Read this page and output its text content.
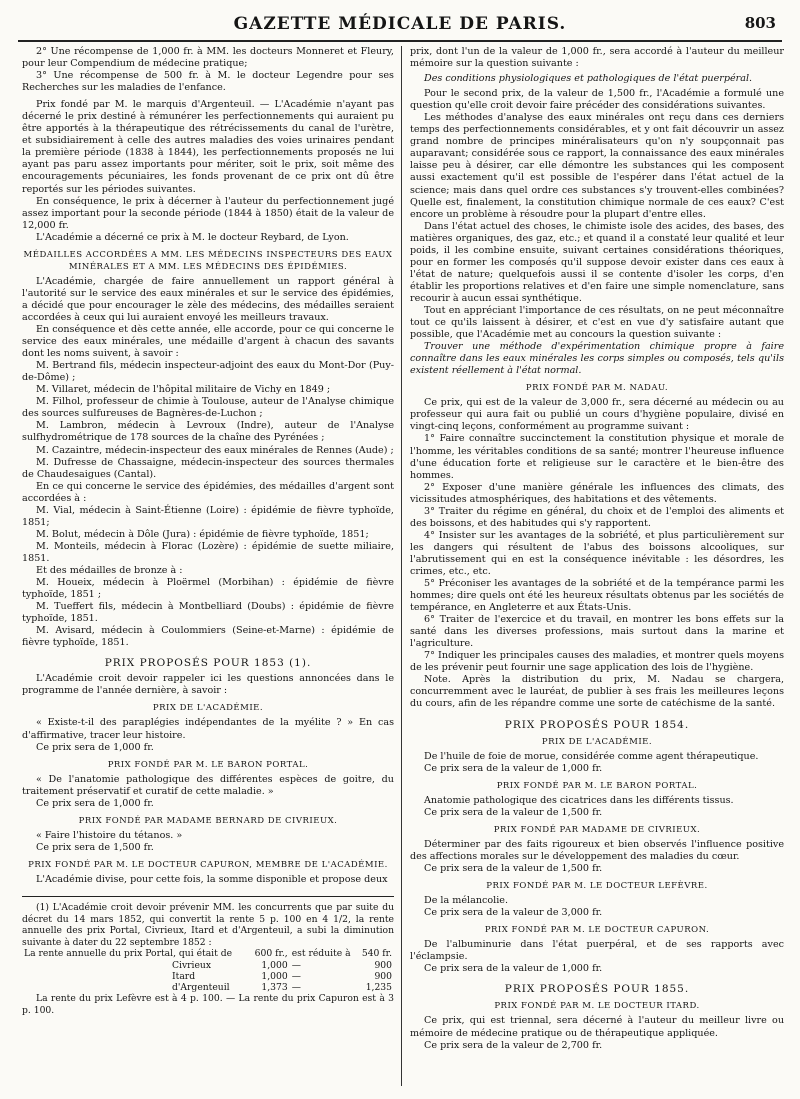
GAZETTE MÉDICALE DE PARIS.	803

2° Une récompense de 1,000 fr. à MM. les docteurs Monneret et Fleury, pour leur Compendium de médecine pratique;

3° Une récompense de 500 fr. à M. le docteur Legendre pour ses Recherches sur les maladies de l'enfance.

Prix fondé par M. le marquis d'Argenteuil. — L'Académie n'ayant pas décerné le prix destiné à rémunérer les perfectionnements qui auraient pu être apportés à la thérapeutique des rétrécissements du canal de l'urètre, et subsidiairement à celle des autres maladies des voies urinaires pendant la première période (1838 à 1844), les perfectionnements proposés ne lui ayant pas paru assez importants pour mériter, soit le prix, soit même des encouragements pécuniaires, les fonds provenant de ce prix ont dû être reportés sur les périodes suivantes.

En conséquence, le prix à décerner à l'auteur du perfectionnement jugé assez important pour la seconde période (1844 à 1850) était de la valeur de 12,000 fr.

L'Académie a décerné ce prix à M. le docteur Reybard, de Lyon.

MÉDAILLES ACCORDÉES A MM. LES MÉDECINS INSPECTEURS DES EAUX MINÉRALES ET A MM. LES MÉDECINS DES ÉPIDÉMIES.

L'Académie, chargée de faire annuellement un rapport général à l'autorité sur le service des eaux minérales et sur le service des épidémies, a décidé que pour encourager le zèle des médecins, des médailles seraient accordées à ceux qui lui auraient envoyé les meilleurs travaux.

En conséquence et dès cette année, elle accorde, pour ce qui concerne le service des eaux minérales, une médaille d'argent à chacun des savants dont les noms suivent, à savoir :

M. Bertrand fils, médecin inspecteur-adjoint des eaux du Mont-Dor (Puy-de-Dôme) ;

M. Villaret, médecin de l'hôpital militaire de Vichy en 1849 ;

M. Filhol, professeur de chimie à Toulouse, auteur de l'Analyse chimique des sources sulfureuses de Bagnères-de-Luchon ;

M. Lambron, médecin à Levroux (Indre), auteur de l'Analyse sulfhydrométrique de 178 sources de la chaîne des Pyrénées ;

M. Cazaintre, médecin-inspecteur des eaux minérales de Rennes (Aude) ;

M. Dufresse de Chassaigne, médecin-inspecteur des sources thermales de Chaudesaigues (Cantal).

En ce qui concerne le service des épidémies, des médailles d'argent sont accordées à :

M. Vial, médecin à Saint-Étienne (Loire) : épidémie de fièvre typhoïde, 1851;

M. Bolut, médecin à Dôle (Jura) : épidémie de fièvre typhoïde, 1851;

M. Monteils, médecin à Florac (Lozère) : épidémie de suette miliaire, 1851.

Et des médailles de bronze à :

M. Houeix, médecin à Ploërmel (Morbihan) : épidémie de fièvre typhoïde, 1851 ;

M. Tueffert fils, médecin à Montbelliard (Doubs) : épidémie de fièvre typhoïde, 1851.

M. Avisard, médecin à Coulommiers (Seine-et-Marne) : épidémie de fièvre typhoïde, 1851.

PRIX PROPOSÉS POUR 1853 (1).

L'Académie croit devoir rappeler ici les questions annoncées dans le programme de l'année dernière, à savoir :

PRIX DE L'ACADÉMIE.

« Existe-t-il des paraplégies indépendantes de la myélite ? » En cas d'affirmative, tracer leur histoire.

Ce prix sera de 1,000 fr.

PRIX FONDÉ PAR M. LE BARON PORTAL.

« De l'anatomie pathologique des différentes espèces de goitre, du traitement préservatif et curatif de cette maladie. »

Ce prix sera de 1,000 fr.

PRIX FONDÉ PAR MADAME BERNARD DE CIVRIEUX.

« Faire l'histoire du tétanos. »

Ce prix sera de 1,500 fr.

PRIX FONDÉ PAR M. LE DOCTEUR CAPURON, MEMBRE DE L'ACADÉMIE.

L'Académie divise, pour cette fois, la somme disponible et propose deux

(1) L'Académie croit devoir prévenir MM. les concurrents que par suite du décret du 14 mars 1852, qui convertit la rente 5 p. 100 en 4 1/2, la rente annuelle des prix Portal, Civrieux, Itard et d'Argenteuil, a subi la diminution suivante à dater du 22 septembre 1852 :

La rente annuelle du prix Portal, qui était de	600 fr.,	est réduite à	540 fr.
Civrieux	1,000	—	900
Itard	1,000	—	900
d'Argenteuil	1,373	—	1,235

La rente du prix Lefèvre est à 4 p. 100. — La rente du prix Capuron est à 3 p. 100.

prix, dont l'un de la valeur de 1,000 fr., sera accordé à l'auteur du meilleur mémoire sur la question suivante :

Des conditions physiologiques et pathologiques de l'état puerpéral.

Pour le second prix, de la valeur de 1,500 fr., l'Académie a formulé une question qu'elle croit devoir faire précéder des considérations suivantes.

Les méthodes d'analyse des eaux minérales ont reçu dans ces derniers temps des perfectionnements considérables, et y ont fait découvrir un assez grand nombre de principes minéralisateurs qu'on n'y soupçonnait pas auparavant; considérée sous ce rapport, la connaissance des eaux minérales laisse peu à désirer, car elle démontre les substances qui les composent aussi exactement qu'il est possible de l'espérer dans l'état actuel de la science; mais dans quel ordre ces substances s'y trouvent-elles combinées? Quelle est, finalement, la constitution chimique normale de ces eaux? C'est encore un problème à résoudre pour la plupart d'entre elles.

Dans l'état actuel des choses, le chimiste isole des acides, des bases, des matières organiques, des gaz, etc.; et quand il a constaté leur qualité et leur poids, il les combine ensuite, suivant certaines considérations théoriques, pour en former les composés qu'il suppose devoir exister dans ces eaux à l'état de nature; quelquefois aussi il se contente d'isoler les corps, d'en établir les proportions relatives et d'en faire une simple nomenclature, sans recourir à aucun essai synthétique.

Tout en appréciant l'importance de ces résultats, on ne peut méconnaître tout ce qu'ils laissent à désirer, et c'est en vue d'y satisfaire autant que possible, que l'Académie met au concours la question suivante :

Trouver une méthode d'expérimentation chimique propre à faire connaître dans les eaux minérales les corps simples ou composés, tels qu'ils existent réellement à l'état normal.

PRIX FONDÉ PAR M. NADAU.

Ce prix, qui est de la valeur de 3,000 fr., sera décerné au médecin ou au professeur qui aura fait ou publié un cours d'hygiène populaire, divisé en vingt-cinq leçons, conformément au programme suivant :

1° Faire connaître succinctement la constitution physique et morale de l'homme, les véritables conditions de sa santé; montrer l'heureuse influence d'une éducation forte et religieuse sur le caractère et le bien-être des hommes.

2° Exposer d'une manière générale les influences des climats, des vicissitudes atmosphériques, des habitations et des vêtements.

3° Traiter du régime en général, du choix et de l'emploi des aliments et des boissons, et des habitudes qui s'y rapportent.

4° Insister sur les avantages de la sobriété, et plus particulièrement sur les dangers qui résultent de l'abus des boissons alcooliques, sur l'abrutissement qui en est la conséquence inévitable : les désordres, les crimes, etc., etc.

5° Préconiser les avantages de la sobriété et de la tempérance parmi les hommes; dire quels ont été les heureux résultats obtenus par les sociétés de tempérance, en Angleterre et aux États-Unis.

6° Traiter de l'exercice et du travail, en montrer les bons effets sur la santé dans les diverses professions, mais surtout dans la marine et l'agriculture.

7° Indiquer les principales causes des maladies, et montrer quels moyens de les prévenir peut fournir une sage application des lois de l'hygiène.

Note. Après la distribution du prix, M. Nadau se chargera, concurremment avec le lauréat, de publier à ses frais les meilleures leçons du cours, afin de les répandre comme une sorte de catéchisme de la santé.

PRIX PROPOSÉS POUR 1854.
PRIX DE L'ACADÉMIE.

De l'huile de foie de morue, considérée comme agent thérapeutique.

Ce prix sera de la valeur de 1,000 fr.

PRIX FONDÉ PAR M. LE BARON PORTAL.

Anatomie pathologique des cicatrices dans les différents tissus.

Ce prix sera de la valeur de 1,500 fr.

PRIX FONDÉ PAR MADAME DE CIVRIEUX.

Déterminer par des faits rigoureux et bien observés l'influence positive des affections morales sur le développement des maladies du cœur.

Ce prix sera de la valeur de 1,500 fr.

PRIX FONDÉ PAR M. LE DOCTEUR LEFÈVRE.

De la mélancolie.

Ce prix sera de la valeur de 3,000 fr.

PRIX FONDÉ PAR M. LE DOCTEUR CAPURON.

De l'albuminurie dans l'état puerpéral, et de ses rapports avec l'éclampsie.

Ce prix sera de la valeur de 1,000 fr.

PRIX PROPOSÉS POUR 1855.
PRIX FONDÉ PAR M. LE DOCTEUR ITARD.

Ce prix, qui est triennal, sera décerné à l'auteur du meilleur livre ou mémoire de médecine pratique ou de thérapeutique appliquée.

Ce prix sera de la valeur de 2,700 fr.
